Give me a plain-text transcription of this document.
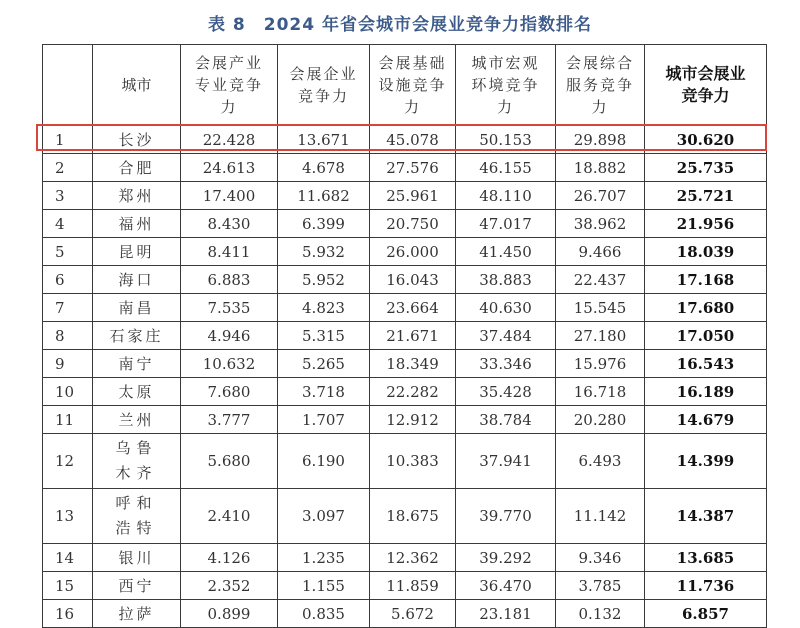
表 8　2024 年省会城市会展业竞争力指数排名
	城市	会展产业专业竞争力	会展企业竞争力	会展基础设施竞争力	城市宏观环境竞争力	会展综合服务竞争力	城市会展业竞争力

1	长沙	22.428	13.671	45.078	50.153	29.898	30.620
2	合肥	24.613	4.678	27.576	46.155	18.882	25.735
3	郑州	17.400	11.682	25.961	48.110	26.707	25.721
4	福州	8.430	6.399	20.750	47.017	38.962	21.956
5	昆明	8.411	5.932	26.000	41.450	9.466	18.039
6	海口	6.883	5.952	16.043	38.883	22.437	17.168
7	南昌	7.535	4.823	23.664	40.630	15.545	17.680
8	石家庄	4.946	5.315	21.671	37.484	27.180	17.050
9	南宁	10.632	5.265	18.349	33.346	15.976	16.543
10	太原	7.680	3.718	22.282	35.428	16.718	16.189
11	兰州	3.777	1.707	12.912	38.784	20.280	14.679
12	乌鲁木齐	5.680	6.190	10.383	37.941	6.493	14.399
13	呼和浩特	2.410	3.097	18.675	39.770	11.142	14.387
14	银川	4.126	1.235	12.362	39.292	9.346	13.685
15	西宁	2.352	1.155	11.859	36.470	3.785	11.736
16	拉萨	0.899	0.835	5.672	23.181	0.132	6.857
